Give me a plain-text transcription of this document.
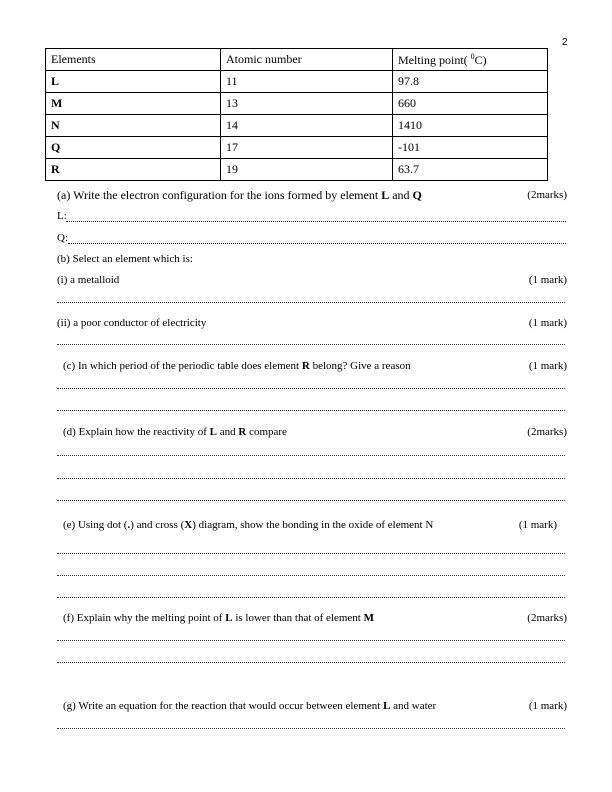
2
Elements	Atomic number	Melting point( $^0$C)
L	11	97.8
M	13	660
N	14	1410
Q	17	-101
R	19	63.7
(a) Write the electron configuration for the ions formed by element L and Q	(2marks)
L:
Q:
(b) Select an element which is:
(i) a metalloid	(1 mark)
(ii) a poor conductor of electricity	(1 mark)
(c) In which period of the periodic table does element R belong? Give a reason	(1 mark)
(d) Explain how the reactivity of L and R compare	(2marks)
(e) Using dot (.) and cross (X) diagram, show the bonding in the oxide of element N	(1 mark)
(f) Explain why the melting point of L is lower than that of element M	(2marks)
(g) Write an equation for the reaction that would occur between element L and water	(1 mark)
